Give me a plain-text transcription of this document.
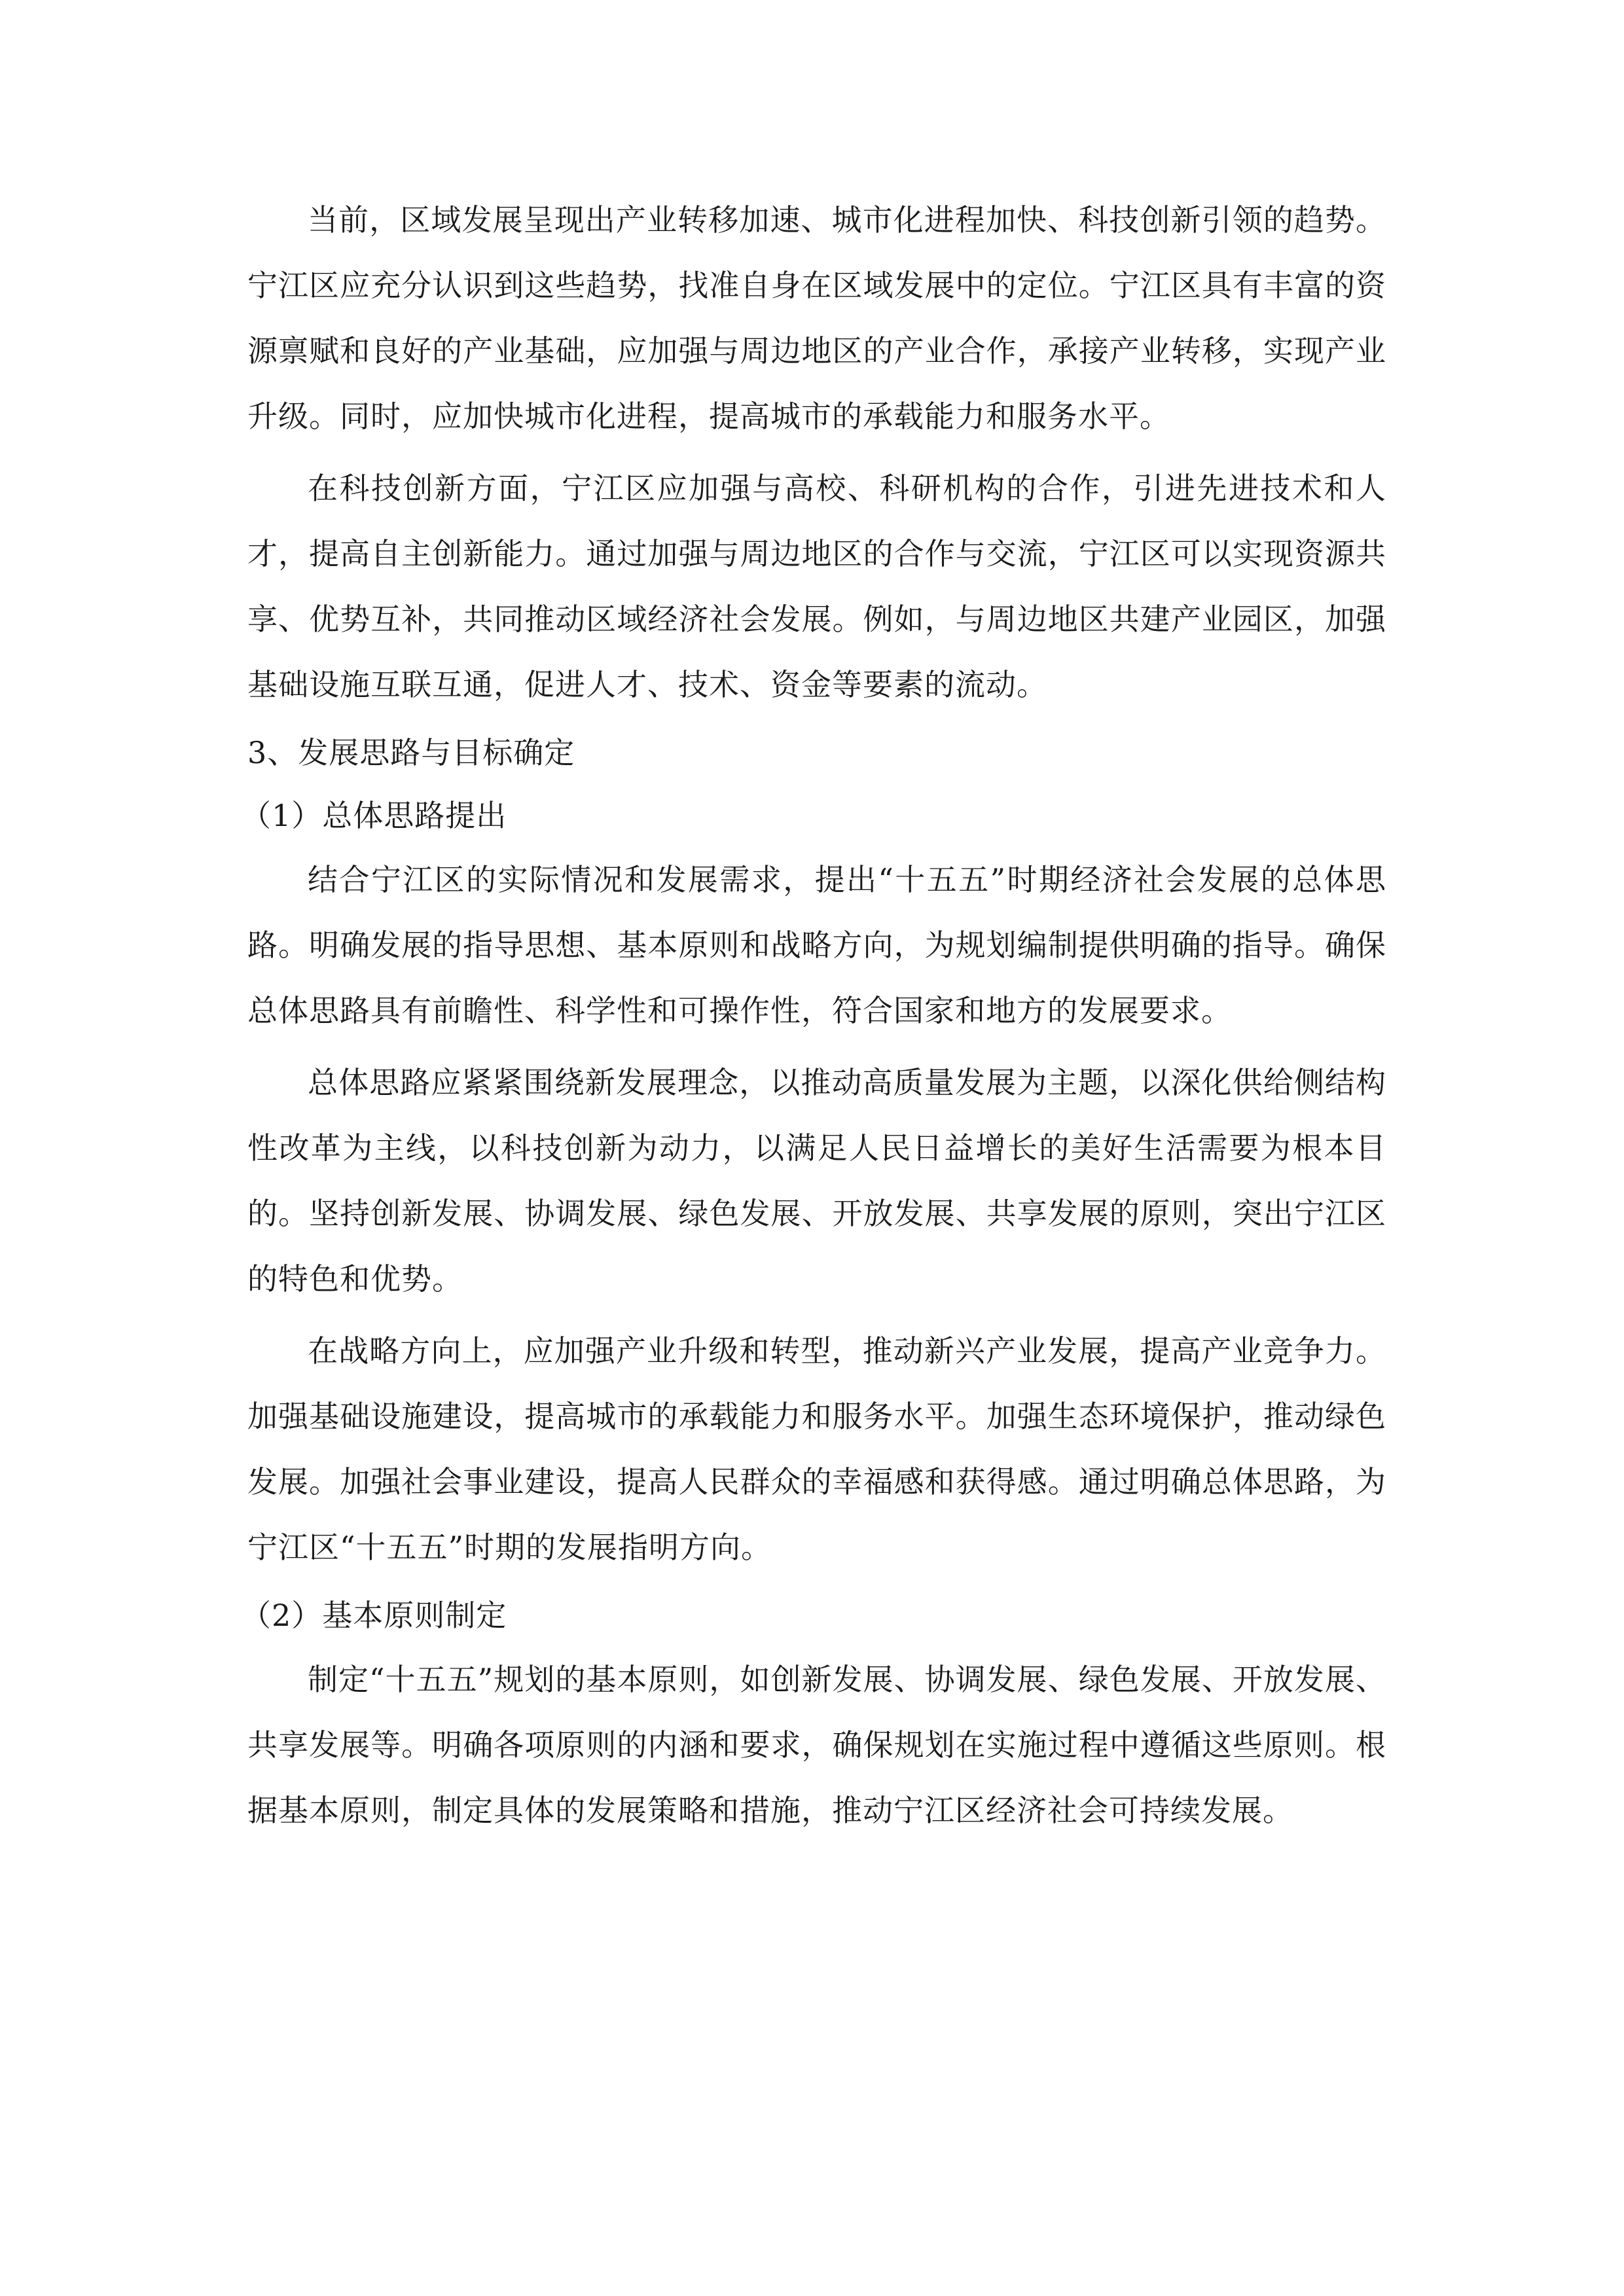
当前，区域发展呈现出产业转移加速、城市化进程加快、科技创新引领的趋势。宁江区应充分认识到这些趋势，找准自身在区域发展中的定位。宁江区具有丰富的资源禀赋和良好的产业基础，应加强与周边地区的产业合作，承接产业转移，实现产业升级。同时，应加快城市化进程，提高城市的承载能力和服务水平。

在科技创新方面，宁江区应加强与高校、科研机构的合作，引进先进技术和人才，提高自主创新能力。通过加强与周边地区的合作与交流，宁江区可以实现资源共享、优势互补，共同推动区域经济社会发展。例如，与周边地区共建产业园区，加强基础设施互联互通，促进人才、技术、资金等要素的流动。

3、发展思路与目标确定

（1）总体思路提出

结合宁江区的实际情况和发展需求，提出“十五五”时期经济社会发展的总体思路。明确发展的指导思想、基本原则和战略方向，为规划编制提供明确的指导。确保总体思路具有前瞻性、科学性和可操作性，符合国家和地方的发展要求。

总体思路应紧紧围绕新发展理念，以推动高质量发展为主题，以深化供给侧结构性改革为主线，以科技创新为动力，以满足人民日益增长的美好生活需要为根本目的。坚持创新发展、协调发展、绿色发展、开放发展、共享发展的原则，突出宁江区的特色和优势。

在战略方向上，应加强产业升级和转型，推动新兴产业发展，提高产业竞争力。加强基础设施建设，提高城市的承载能力和服务水平。加强生态环境保护，推动绿色发展。加强社会事业建设，提高人民群众的幸福感和获得感。通过明确总体思路，为宁江区“十五五”时期的发展指明方向。

（2）基本原则制定

制定“十五五”规划的基本原则，如创新发展、协调发展、绿色发展、开放发展、共享发展等。明确各项原则的内涵和要求，确保规划在实施过程中遵循这些原则。根据基本原则，制定具体的发展策略和措施，推动宁江区经济社会可持续发展。
